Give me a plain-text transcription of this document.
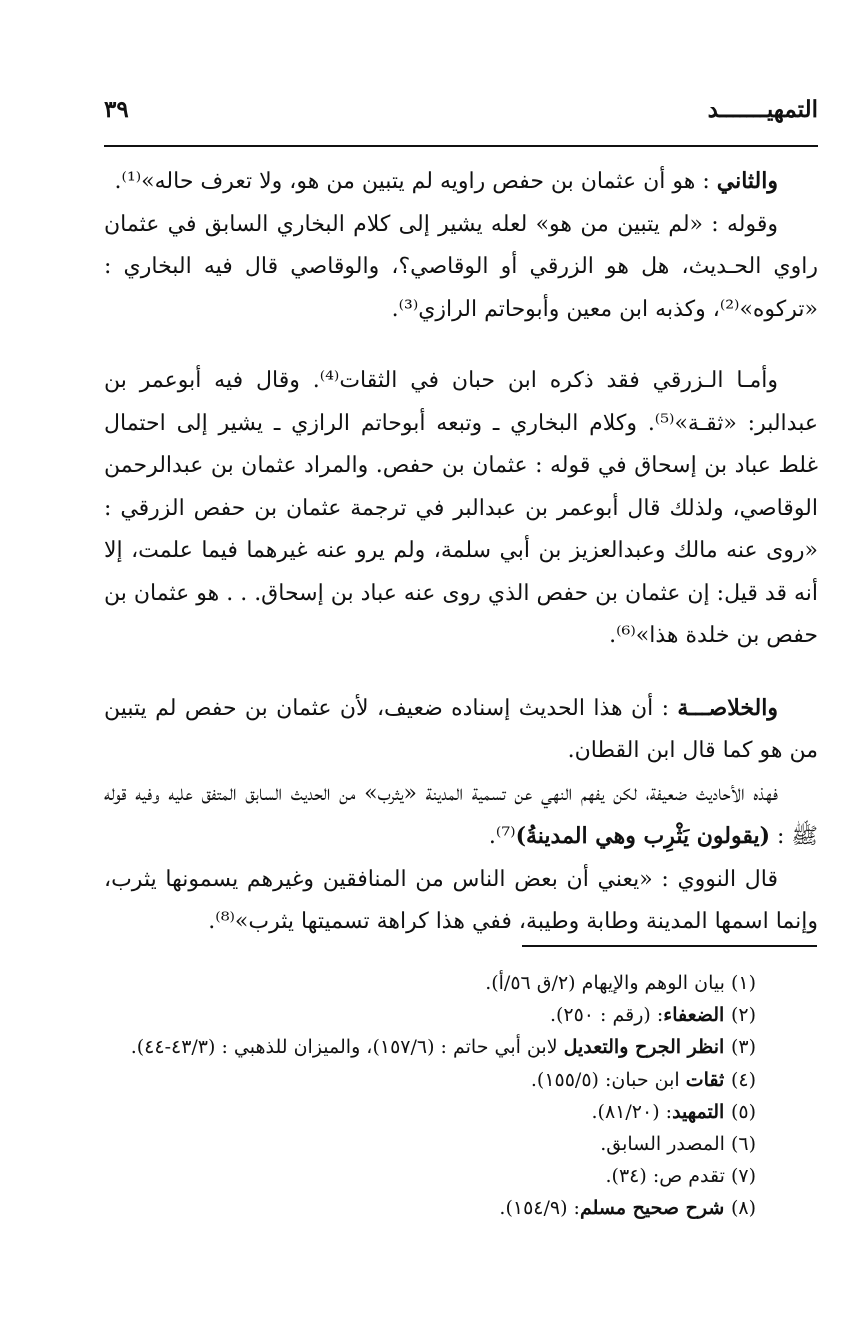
التمهيـــــــد
٣٩

والثاني : هو أن عثمان بن حفص راويه لم يتبين من هو، ولا تعرف حاله»⁽¹⁾.

وقوله : «لم يتبين من هو» لعله يشير إلى كلام البخاري السابق في عثمان راوي الحـديث، هل هو الزرقي أو الوقاصي؟، والوقاصي قال فيه البخاري : «تركوه»⁽²⁾، وكذبه ابن معين وأبوحاتم الرازي⁽³⁾.

وأمـا الـزرقي فقد ذكره ابن حبان في الثقات⁽⁴⁾. وقال فيه أبوعمر بن عبدالبر: «ثقـة»⁽⁵⁾. وكلام البخاري ـ وتبعه أبوحاتم الرازي ـ يشير إلى احتمال غلط عباد بن إسحاق في قوله : عثمان بن حفص. والمراد عثمان بن عبدالرحمن الوقاصي، ولذلك قال أبوعمر بن عبدالبر في ترجمة عثمان بن حفص الزرقي : «روى عنه مالك وعبدالعزيز بن أبي سلمة، ولم يرو عنه غيرهما فيما علمت، إلا أنه قد قيل: إن عثمان بن حفص الذي روى عنه عباد بن إسحاق. . . هو عثمان بن حفص بن خلدة هذا»⁽⁶⁾.

والخلاصـــة : أن هذا الحديث إسناده ضعيف، لأن عثمان بن حفص لم يتبين من هو كما قال ابن القطان.

فهذه الأحاديث ضعيفة، لكن يفهم النهي عن تسمية المدينة «يثرب» من الحديث السابق المتفق عليه وفيه قوله ﷺ : (يقولون يَثْرِب وهي المدينةُ)⁽⁷⁾.

قال النووي : «يعني أن بعض الناس من المنافقين وغيرهم يسمونها يثرب، وإنما اسمها المدينة وطابة وطيبة، ففي هذا كراهة تسميتها يثرب»⁽⁸⁾.

(١) بيان الوهم والإيهام (٢/ق ٥٦/أ).
(٢) الضعفاء: (رقم : ٢٥٠).
(٣) انظر الجرح والتعديل لابن أبي حاتم : (١٥٧/٦)، والميزان للذهبي : (٤٣/٣-٤٤).
(٤) ثقات ابن حبان: (١٥٥/٥).
(٥) التمهيد: (٨١/٢٠).
(٦) المصدر السابق.
(٧) تقدم ص: (٣٤).
(٨) شرح صحيح مسلم: (١٥٤/٩).
